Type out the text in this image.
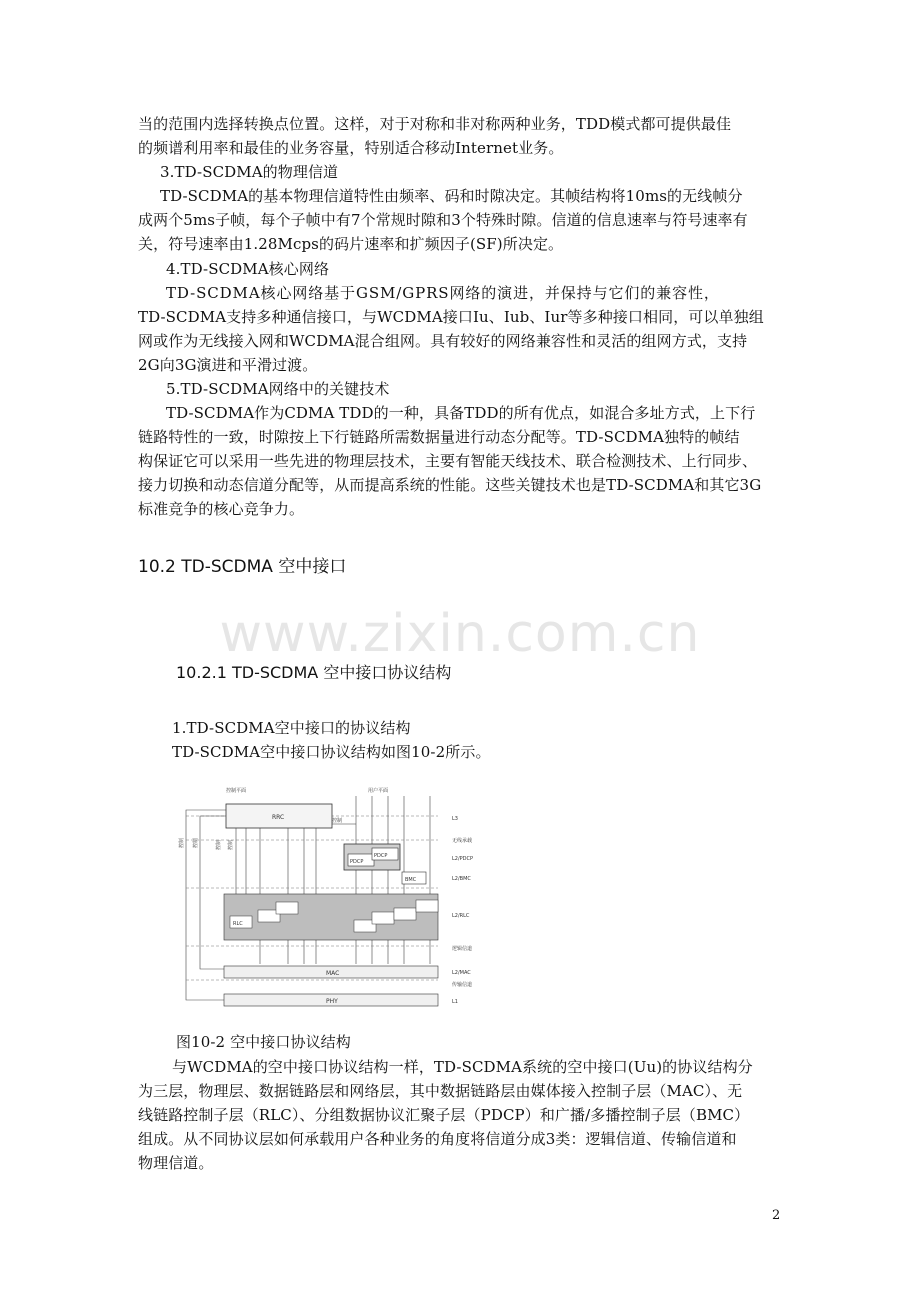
当的范围内选择转换点位置。这样，对于对称和非对称两种业务，TDD模式都可提供最佳
的频谱利用率和最佳的业务容量，特别适合移动Internet业务。
3.TD-SCDMA的物理信道
TD-SCDMA的基本物理信道特性由频率、码和时隙决定。其帧结构将10ms的无线帧分
成两个5ms子帧，每个子帧中有7个常规时隙和3个特殊时隙。信道的信息速率与符号速率有
关，符号速率由1.28Mcps的码片速率和扩频因子(SF)所决定。
4.TD-SCDMA核心网络
TD-SCDMA核心网络基于GSM/GPRS网络的演进，并保持与它们的兼容性，
TD-SCDMA支持多种通信接口，与WCDMA接口Iu、Iub、Iur等多种接口相同，可以单独组
网或作为无线接入网和WCDMA混合组网。具有较好的网络兼容性和灵活的组网方式，支持
2G向3G演进和平滑过渡。
5.TD-SCDMA网络中的关键技术
TD-SCDMA作为CDMA TDD的一种，具备TDD的所有优点，如混合多址方式，上下行
链路特性的一致，时隙按上下行链路所需数据量进行动态分配等。TD-SCDMA独特的帧结
构保证它可以采用一些先进的物理层技术，主要有智能天线技术、联合检测技术、上行同步、
接力切换和动态信道分配等，从而提高系统的性能。这些关键技术也是TD-SCDMA和其它3G
标准竞争的核心竞争力。
10.2 TD-SCDMA 空中接口
www.zixin.com.cn
10.2.1 TD-SCDMA 空中接口协议结构
1.TD-SCDMA空中接口的协议结构
TD-SCDMA空中接口协议结构如图10-2所示。
控制平面	用户平面
RRC	控制
控制 控制	控制 控制
PDCP
PDCP
BMC
RLC
MAC
PHY
L3
无线承载
L2/PDCP
L2/BMC
L2/RLC
逻辑信道
L2/MAC
传输信道
L1
图10-2 空中接口协议结构
与WCDMA的空中接口协议结构一样，TD-SCDMA系统的空中接口(Uu)的协议结构分
为三层，物理层、数据链路层和网络层，其中数据链路层由媒体接入控制子层（MAC）、无
线链路控制子层（RLC）、分组数据协议汇聚子层（PDCP）和广播/多播控制子层（BMC）
组成。从不同协议层如何承载用户各种业务的角度将信道分成3类：逻辑信道、传输信道和
物理信道。
2
